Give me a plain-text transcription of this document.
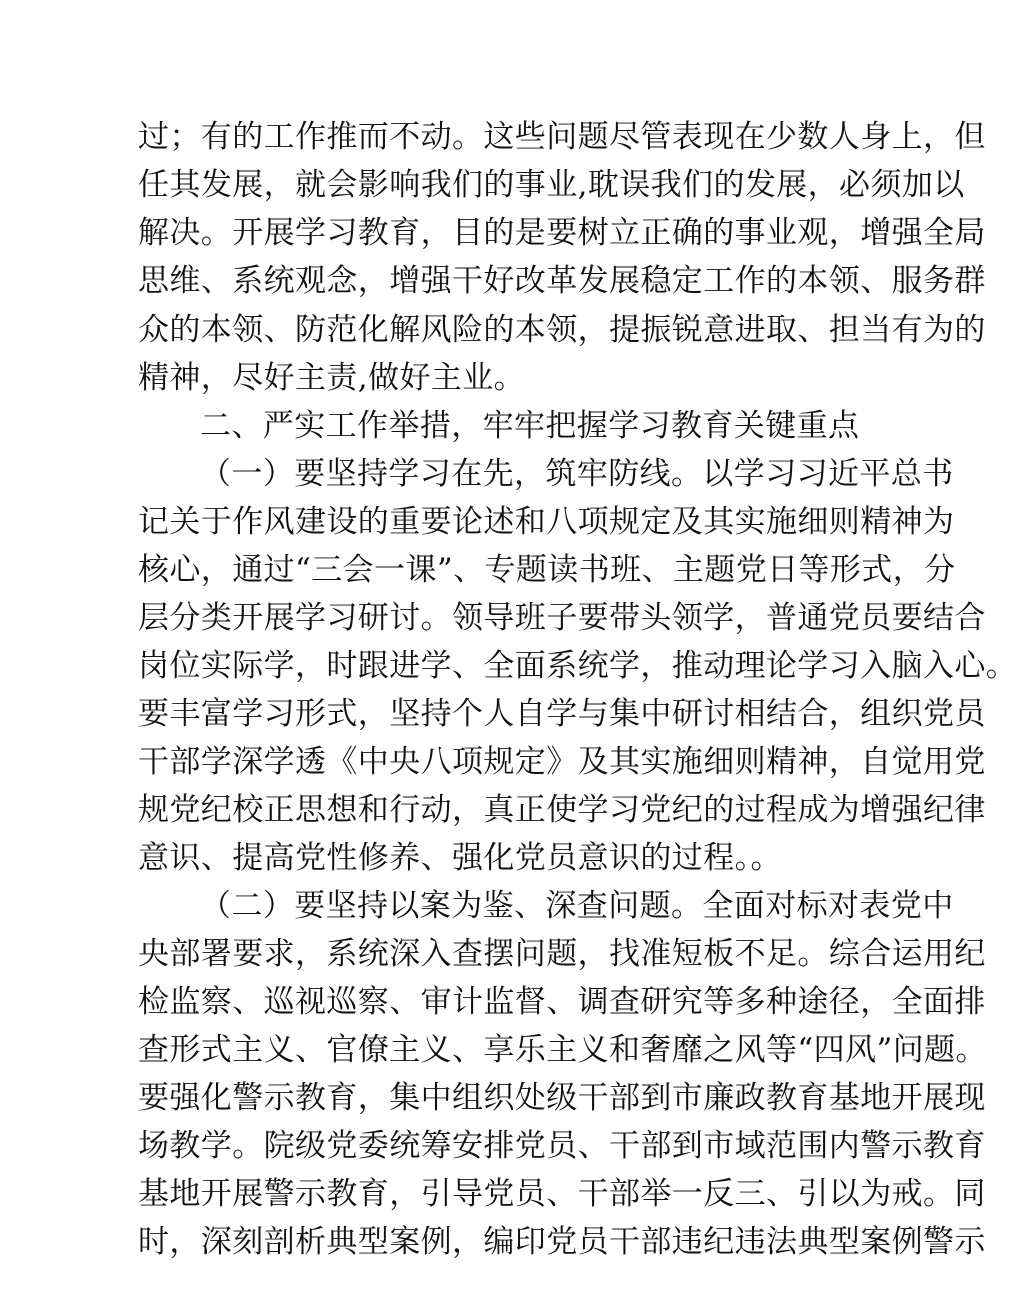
过；有的工作推而不动。这些问题尽管表现在少数人身上，但
任其发展，就会影响我们的事业,耽误我们的发展，必须加以
解决。开展学习教育，目的是要树立正确的事业观，增强全局
思维、系统观念，增强干好改革发展稳定工作的本领、服务群
众的本领、防范化解风险的本领，提振锐意进取、担当有为的
精神，尽好主责,做好主业。
二、严实工作举措，牢牢把握学习教育关键重点
（一）要坚持学习在先，筑牢防线。以学习习近平总书
记关于作风建设的重要论述和八项规定及其实施细则精神为
核心，通过“三会一课”、专题读书班、主题党日等形式，分
层分类开展学习研讨。领导班子要带头领学，普通党员要结合
岗位实际学，时跟进学、全面系统学，推动理论学习入脑入心。
要丰富学习形式，坚持个人自学与集中研讨相结合，组织党员
干部学深学透《中央八项规定》及其实施细则精神，自觉用党
规党纪校正思想和行动，真正使学习党纪的过程成为增强纪律
意识、提高党性修养、强化党员意识的过程。。
（二）要坚持以案为鉴、深查问题。全面对标对表党中
央部署要求，系统深入查摆问题，找准短板不足。综合运用纪
检监察、巡视巡察、审计监督、调查研究等多种途径，全面排
查形式主义、官僚主义、享乐主义和奢靡之风等“四风”问题。
要强化警示教育，集中组织处级干部到市廉政教育基地开展现
场教学。院级党委统筹安排党员、干部到市域范围内警示教育
基地开展警示教育，引导党员、干部举一反三、引以为戒。同
时，深刻剖析典型案例，编印党员干部违纪违法典型案例警示
